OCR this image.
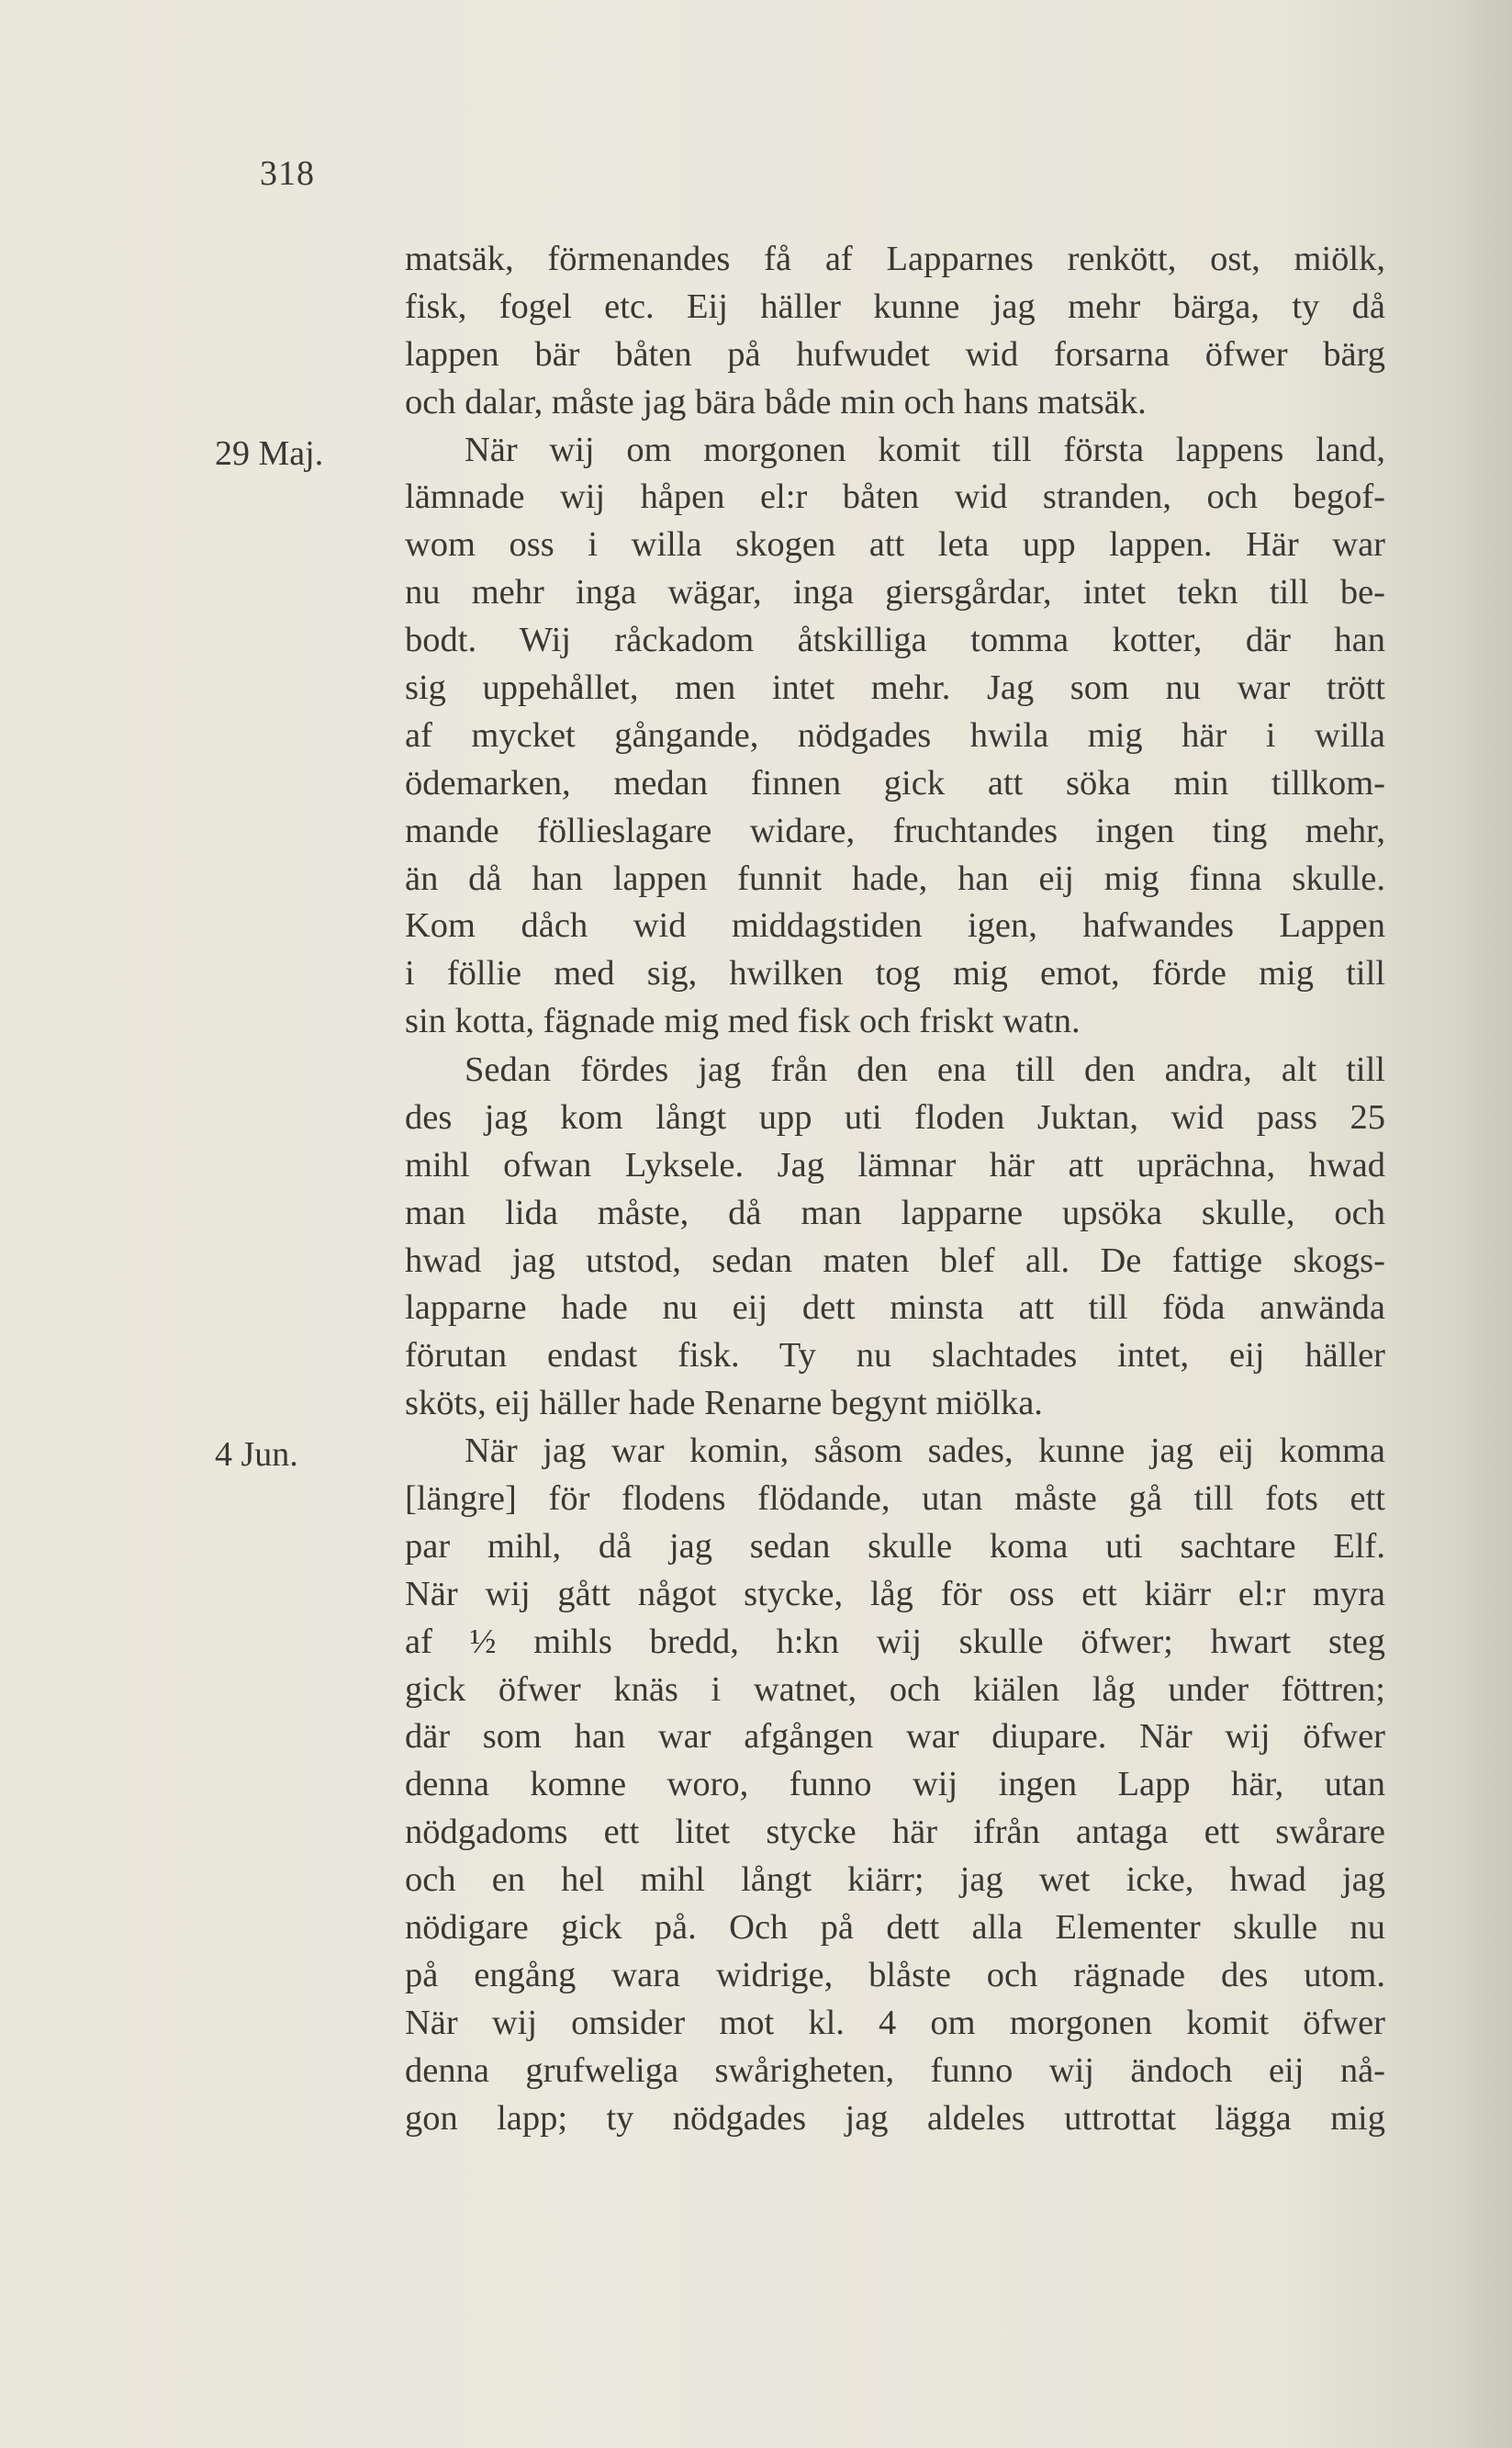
318
29 Maj.
4 Jun.
matsäk, förmenandes få af Lapparnes renkött, ost, miölk,
fisk, fogel etc. Eij häller kunne jag mehr bärga, ty då
lappen bär båten på hufwudet wid forsarna öfwer bärg
och dalar, måste jag bära både min och hans matsäk.
När wij om morgonen komit till första lappens land,
lämnade wij håpen el:r båten wid stranden, och begof-
wom oss i willa skogen att leta upp lappen. Här war
nu mehr inga wägar, inga giersgårdar, intet tekn till be-
bodt. Wij råckadom åtskilliga tomma kotter, där han
sig uppehållet, men intet mehr. Jag som nu war trött
af mycket gångande, nödgades hwila mig här i willa
ödemarken, medan finnen gick att söka min tillkom-
mande föllieslagare widare, fruchtandes ingen ting mehr,
än då han lappen funnit hade, han eij mig finna skulle.
Kom dåch wid middagstiden igen, hafwandes Lappen
i föllie med sig, hwilken tog mig emot, förde mig till
sin kotta, fägnade mig med fisk och friskt watn.
Sedan fördes jag från den ena till den andra, alt till
des jag kom långt upp uti floden Juktan, wid pass 25
mihl ofwan Lyksele. Jag lämnar här att uprächna, hwad
man lida måste, då man lapparne upsöka skulle, och
hwad jag utstod, sedan maten blef all. De fattige skogs-
lapparne hade nu eij dett minsta att till föda anwända
förutan endast fisk. Ty nu slachtades intet, eij häller
sköts, eij häller hade Renarne begynt miölka.
När jag war komin, såsom sades, kunne jag eij komma
[längre] för flodens flödande, utan måste gå till fots ett
par mihl, då jag sedan skulle koma uti sachtare Elf.
När wij gått något stycke, låg för oss ett kiärr el:r myra
af ½ mihls bredd, h:kn wij skulle öfwer; hwart steg
gick öfwer knäs i watnet, och kiälen låg under föttren;
där som han war afgången war diupare. När wij öfwer
denna komne woro, funno wij ingen Lapp här, utan
nödgadoms ett litet stycke här ifrån antaga ett swårare
och en hel mihl långt kiärr; jag wet icke, hwad jag
nödigare gick på. Och på dett alla Elementer skulle nu
på engång wara widrige, blåste och rägnade des utom.
När wij omsider mot kl. 4 om morgonen komit öfwer
denna grufweliga swårigheten, funno wij ändoch eij nå-
gon lapp; ty nödgades jag aldeles uttrottat lägga mig
